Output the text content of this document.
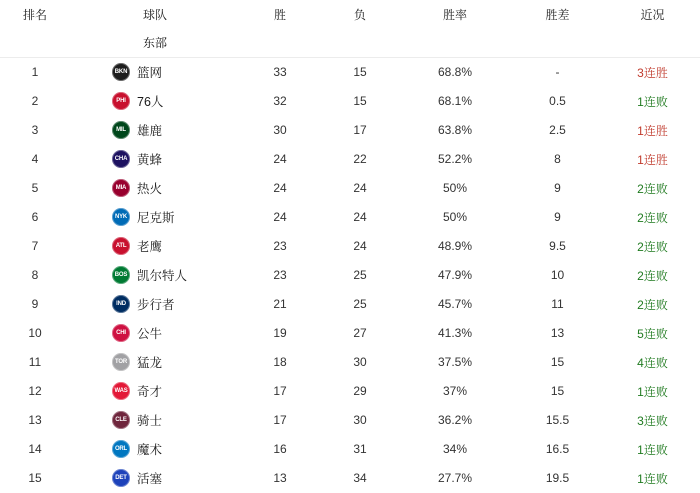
排名	球队	胜	负	胜率	胜差	近况
	东部					
1	BKN 篮网	33	15	68.8%	-	3连胜
2	PHI 76人	32	15	68.1%	0.5	1连败
3	MIL 雄鹿	30	17	63.8%	2.5	1连胜
4	CHA 黄蜂	24	22	52.2%	8	1连胜
5	MIA 热火	24	24	50%	9	2连败
6	NYK 尼克斯	24	24	50%	9	2连败
7	ATL 老鹰	23	24	48.9%	9.5	2连败
8	BOS 凯尔特人	23	25	47.9%	10	2连败
9	IND 步行者	21	25	45.7%	11	2连败
10	CHI 公牛	19	27	41.3%	13	5连败
11	TOR 猛龙	18	30	37.5%	15	4连败
12	WAS 奇才	17	29	37%	15	1连败
13	CLE 骑士	17	30	36.2%	15.5	3连败
14	ORL 魔术	16	31	34%	16.5	1连败
15	DET 活塞	13	34	27.7%	19.5	1连败
